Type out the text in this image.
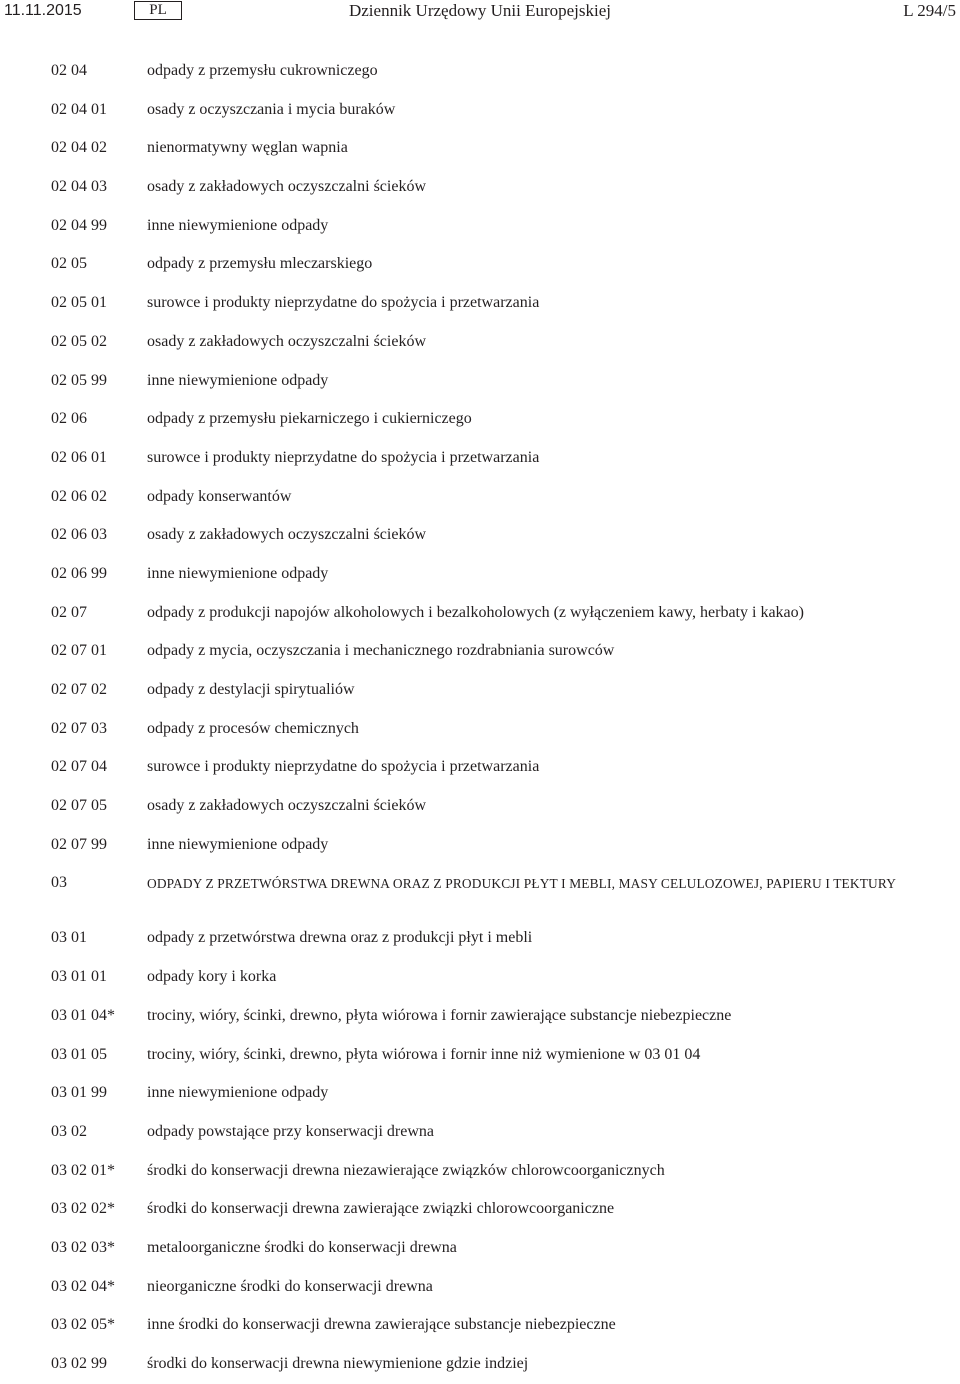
11.11.2015	PL	Dziennik Urzędowy Unii Europejskiej	L 294/5
02 04	odpady z przemysłu cukrowniczego
02 04 01	osady z oczyszczania i mycia buraków
02 04 02	nienormatywny węglan wapnia
02 04 03	osady z zakładowych oczyszczalni ścieków
02 04 99	inne niewymienione odpady
02 05	odpady z przemysłu mleczarskiego
02 05 01	surowce i produkty nieprzydatne do spożycia i przetwarzania
02 05 02	osady z zakładowych oczyszczalni ścieków
02 05 99	inne niewymienione odpady
02 06	odpady z przemysłu piekarniczego i cukierniczego
02 06 01	surowce i produkty nieprzydatne do spożycia i przetwarzania
02 06 02	odpady konserwantów
02 06 03	osady z zakładowych oczyszczalni ścieków
02 06 99	inne niewymienione odpady
02 07	odpady z produkcji napojów alkoholowych i bezalkoholowych (z wyłączeniem kawy, herbaty i kakao)
02 07 01	odpady z mycia, oczyszczania i mechanicznego rozdrabniania surowców
02 07 02	odpady z destylacji spirytualiów
02 07 03	odpady z procesów chemicznych
02 07 04	surowce i produkty nieprzydatne do spożycia i przetwarzania
02 07 05	osady z zakładowych oczyszczalni ścieków
02 07 99	inne niewymienione odpady
03	ODPADY Z PRZETWÓRSTWA DREWNA ORAZ Z PRODUKCJI PŁYT I MEBLI, MASY CELULOZOWEJ, PAPIERU I TEKTURY
03 01	odpady z przetwórstwa drewna oraz z produkcji płyt i mebli
03 01 01	odpady kory i korka
03 01 04*	trociny, wióry, ścinki, drewno, płyta wiórowa i fornir zawierające substancje niebezpieczne
03 01 05	trociny, wióry, ścinki, drewno, płyta wiórowa i fornir inne niż wymienione w 03 01 04
03 01 99	inne niewymienione odpady
03 02	odpady powstające przy konserwacji drewna
03 02 01*	środki do konserwacji drewna niezawierające związków chlorowcoorganicznych
03 02 02*	środki do konserwacji drewna zawierające związki chlorowcoorganiczne
03 02 03*	metaloorganiczne środki do konserwacji drewna
03 02 04*	nieorganiczne środki do konserwacji drewna
03 02 05*	inne środki do konserwacji drewna zawierające substancje niebezpieczne
03 02 99	środki do konserwacji drewna niewymienione gdzie indziej
